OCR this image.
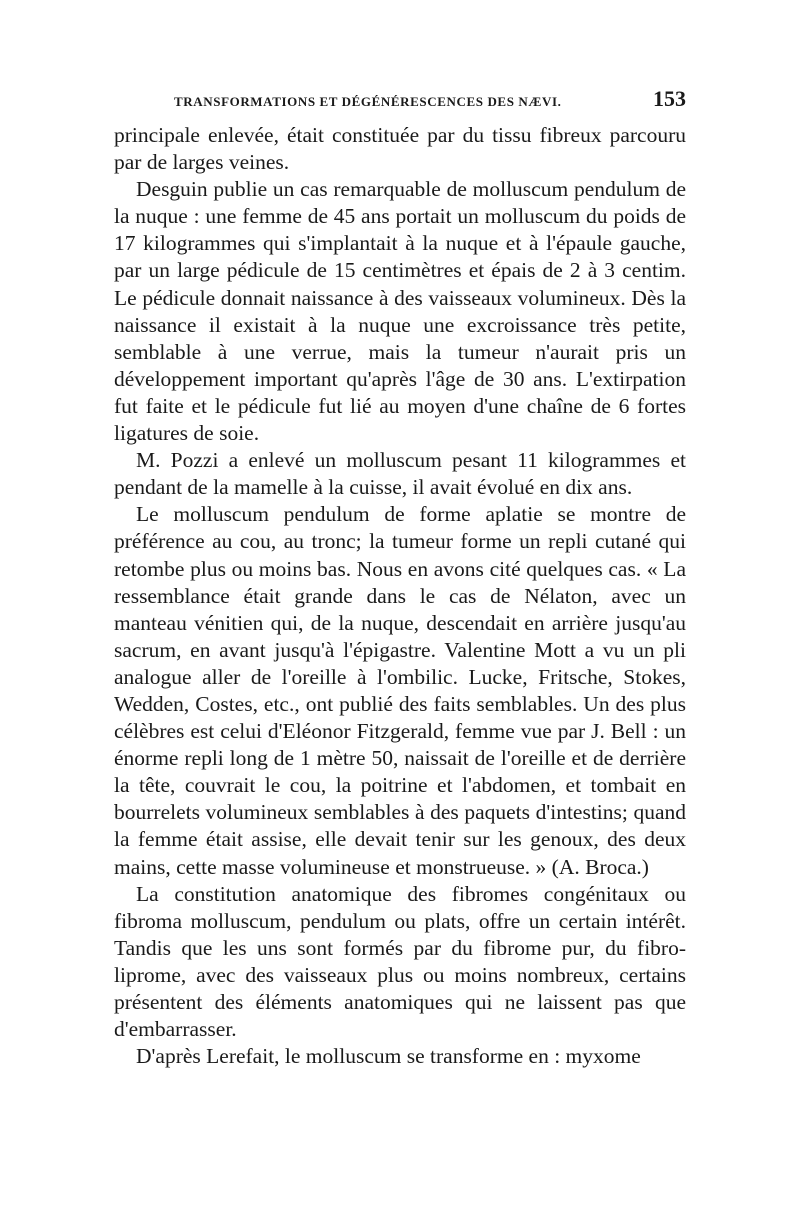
TRANSFORMATIONS ET DÉGÉNÉRESCENCES DES NÆVI.	153

principale enlevée, était constituée par du tissu fibreux parcouru par de larges veines.

Desguin publie un cas remarquable de molluscum pendulum de la nuque : une femme de 45 ans portait un molluscum du poids de 17 kilogrammes qui s'implantait à la nuque et à l'épaule gauche, par un large pédicule de 15 centimètres et épais de 2 à 3 centim. Le pédicule donnait naissance à des vaisseaux volumineux. Dès la naissance il existait à la nuque une excroissance très petite, semblable à une verrue, mais la tumeur n'aurait pris un développement important qu'après l'âge de 30 ans. L'extirpation fut faite et le pédicule fut lié au moyen d'une chaîne de 6 fortes ligatures de soie.

M. Pozzi a enlevé un molluscum pesant 11 kilogrammes et pendant de la mamelle à la cuisse, il avait évolué en dix ans.

Le molluscum pendulum de forme aplatie se montre de préférence au cou, au tronc; la tumeur forme un repli cutané qui retombe plus ou moins bas. Nous en avons cité quelques cas. « La ressemblance était grande dans le cas de Nélaton, avec un manteau vénitien qui, de la nuque, descendait en arrière jusqu'au sacrum, en avant jusqu'à l'épigastre. Valentine Mott a vu un pli analogue aller de l'oreille à l'ombilic. Lucke, Fritsche, Stokes, Wedden, Costes, etc., ont publié des faits semblables. Un des plus célèbres est celui d'Eléonor Fitzgerald, femme vue par J. Bell : un énorme repli long de 1 mètre 50, naissait de l'oreille et de derrière la tête, couvrait le cou, la poitrine et l'abdomen, et tombait en bourrelets volumineux semblables à des paquets d'intestins; quand la femme était assise, elle devait tenir sur les genoux, des deux mains, cette masse volumineuse et monstrueuse. » (A. Broca.)

La constitution anatomique des fibromes congénitaux ou fibroma molluscum, pendulum ou plats, offre un certain intérêt. Tandis que les uns sont formés par du fibrome pur, du fibro-liprome, avec des vaisseaux plus ou moins nombreux, certains présentent des éléments anatomiques qui ne laissent pas que d'embarrasser.

D'après Lerefait, le molluscum se transforme en : myxome
